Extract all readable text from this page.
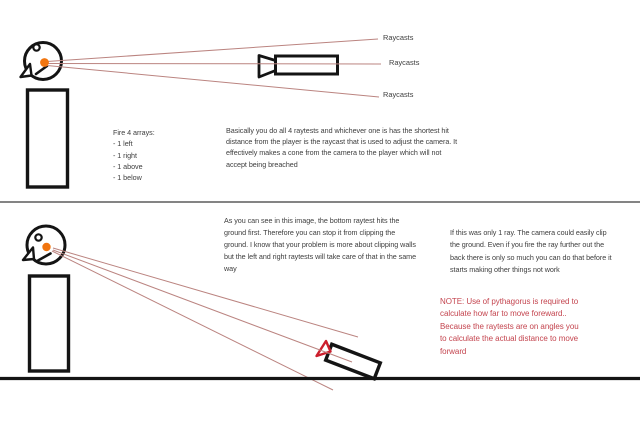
Raycasts
Raycasts
Raycasts
Fire 4 arrays:
- 1 left
- 1 right
- 1 above
- 1 below
Basically you do all 4 raytests and whichever one is has the shortest hit distance from the player is the raycast that is used to adjust the camera. It effectively makes a cone from the camera to the player which will not accept being breached
As you can see in this image, the bottom raytest hits the ground first. Therefore you can stop it from clipping the ground. I know that your problem is more about clipping walls but the left and right raytests will take care of that in the same way
If this was only 1 ray. The camera could easily clip the ground. Even if you fire the ray further out the back there is only so much you can do that before it starts making other things not work
NOTE: Use of pythagorus is required to calculate how far to move foreward.. Because the raytests are on angles you to calculate the actual distance to move forward
